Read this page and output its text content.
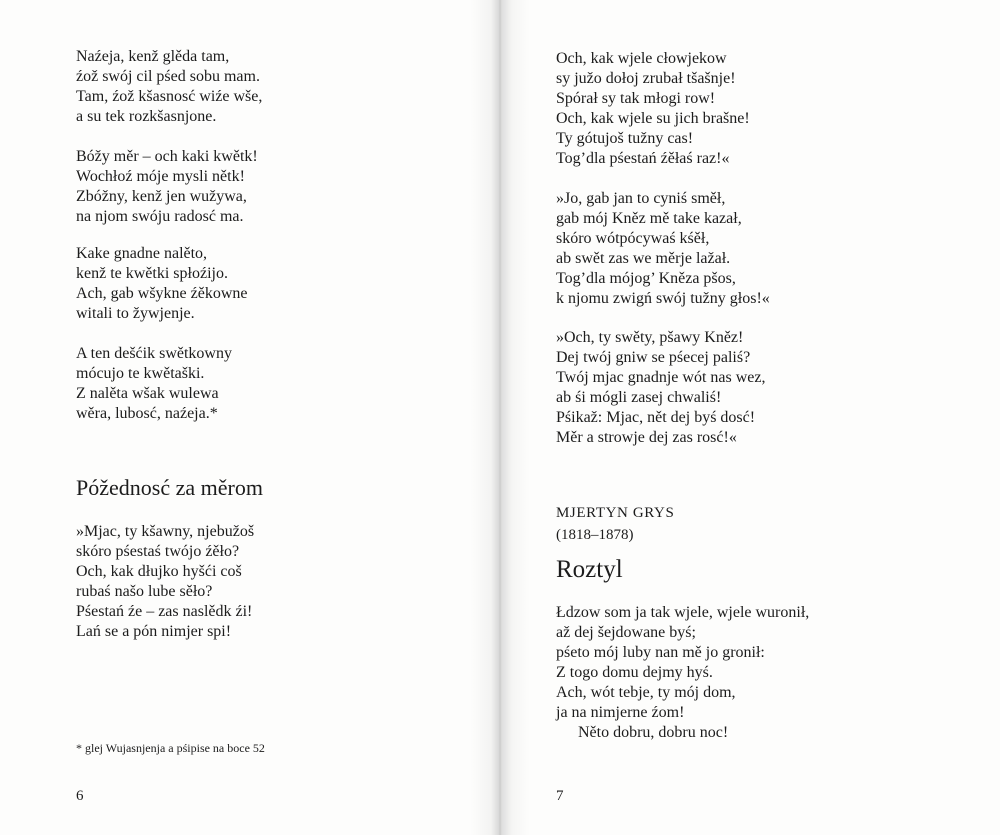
Naźeja, kenž glěda tam,
źož swój cil pśed sobu mam.
Tam, źož kšasnosć wiźe wše,
a su tek rozkšasnjone.
Bóžy měr – och kaki kwětk!
Wochłoź móje mysli nětk!
Zbóžny, kenž jen wužywa,
na njom swóju radosć ma.
Kake gnadne nalěto,
kenž te kwětki spłoźijo.
Ach, gab wšykne źěkowne
witali to žywjenje.
A ten dešćik swětkowny
mócujo te kwětaški.
Z nalěta wšak wulewa
wěra, lubosć, naźeja.*
Póžednosć za měrom
»Mjac, ty kšawny, njebužoš
skóro pśestaś twójo źěło?
Och, kak dłujko hyšći coš
rubaś našo lube sěło?
Pśestań źe – zas naslědk źi!
Lań se a pón nimjer spi!
* glej Wujasnjenja a pśipise na boce 52
6
Och, kak wjele cłowjekow
sy južo dołoj zrubał tšašnje!
Spórał sy tak młogi row!
Och, kak wjele su jich brašne!
Ty gótujoš tužny cas!
Tog’dla pśestań źěłaś raz!«
»Jo, gab jan to cyniś směł,
gab mój Kněz mě take kazał,
skóro wótpócywaś kśěł,
ab swět zas we měrje lažał.
Tog’dla mójog’ Kněza pšos,
k njomu zwigń swój tužny głos!«
»Och, ty swěty, pšawy Kněz!
Dej twój gniw se pśecej paliś?
Twój mjac gnadnje wót nas wez,
ab śi mógli zasej chwaliś!
Pśikaž: Mjac, nět dej byś dosć!
Měr a strowje dej zas rosć!«
MJERTYN GRYS
(1818–1878)
Roztyl
Łdzow som ja tak wjele, wjele wuronił,
až dej šejdowane byś;
pśeto mój luby nan mě jo gronił:
Z togo domu dejmy hyś.
Ach, wót tebje, ty mój dom,
ja na nimjerne źom!
Něto dobru, dobru noc!
7
